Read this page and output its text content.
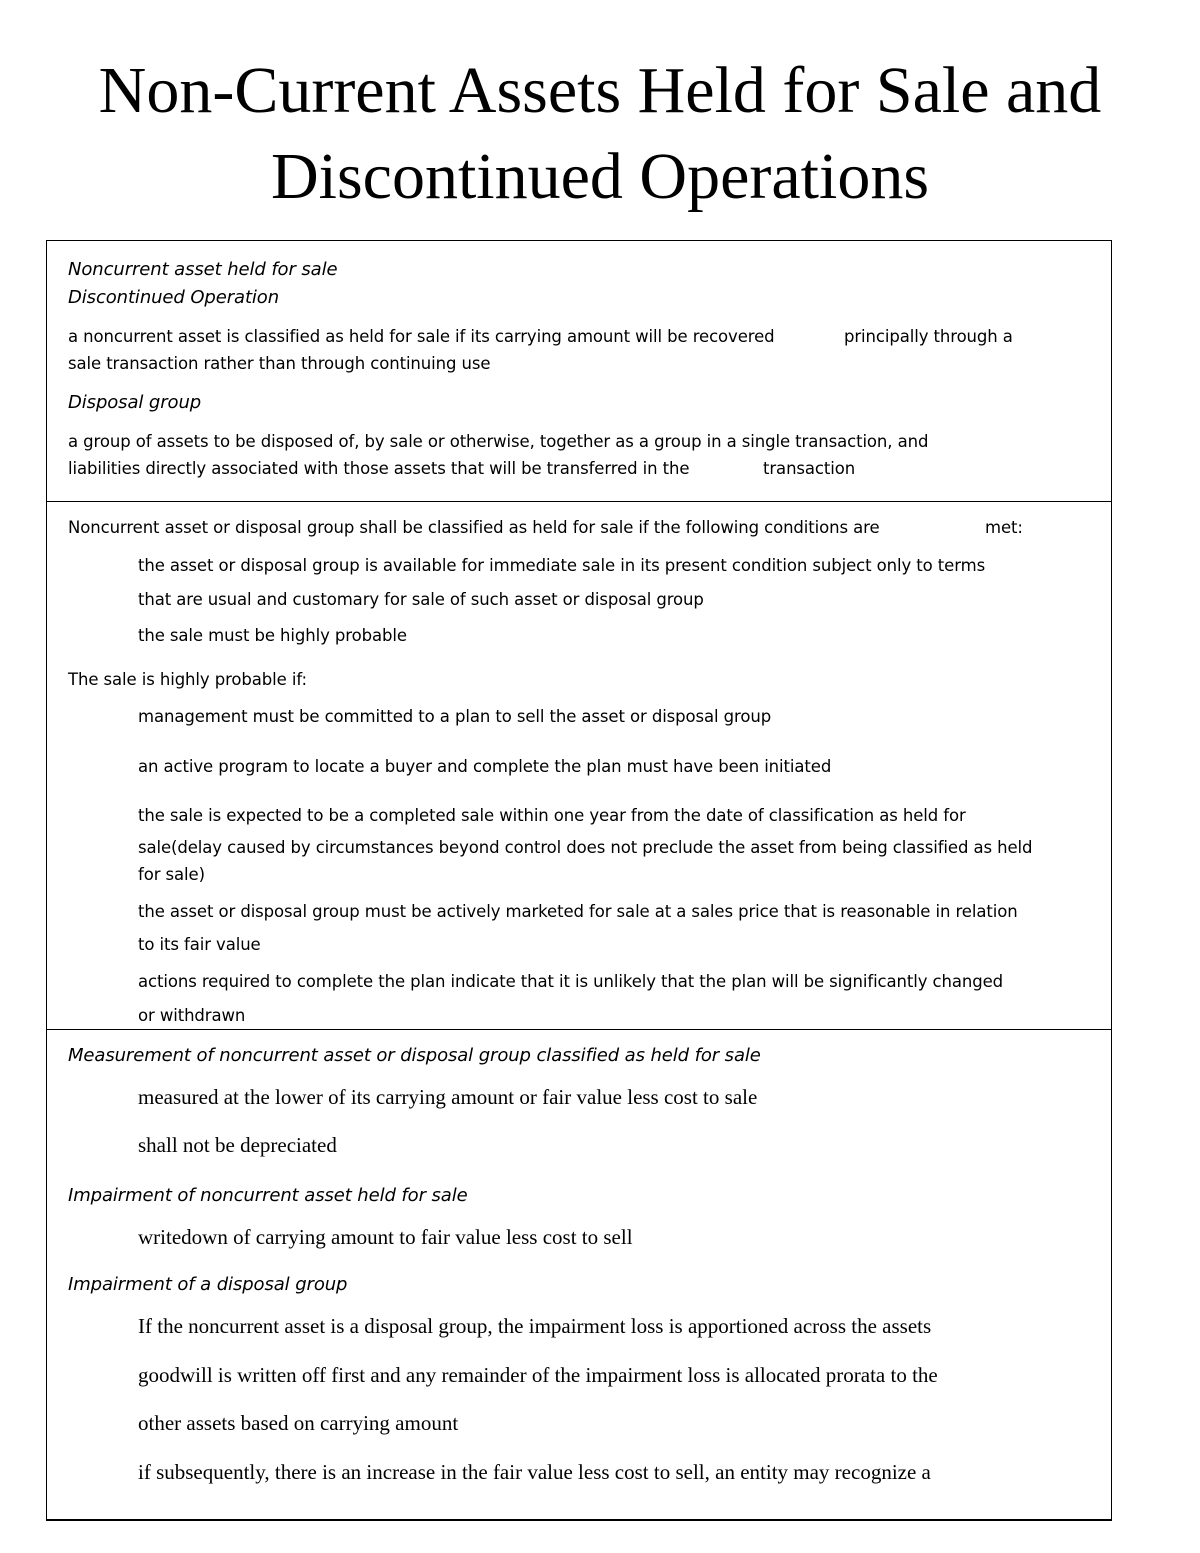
Non-Current Assets Held for Sale and
Discontinued Operations
Noncurrent asset held for sale
Discontinued Operation
a noncurrent asset is classified as held for sale if its carrying amount will be recovered	principally through a
sale transaction rather than through continuing use
Disposal group
a group of assets to be disposed of, by sale or otherwise, together as a group in a single transaction, and
liabilities directly associated with those assets that will be transferred in the	transaction
Noncurrent asset or disposal group shall be classified as held for sale if the following conditions are	met:
the asset or disposal group is available for immediate sale in its present condition subject only to terms
that are usual and customary for sale of such asset or disposal group
the sale must be highly probable
The sale is highly probable if:
management must be committed to a plan to sell the asset or disposal group
an active program to locate a buyer and complete the plan must have been initiated
the sale is expected to be a completed sale within one year from the date of classification as held for
sale(delay caused by circumstances beyond control does not preclude the asset from being classified as held
for sale)
the asset or disposal group must be actively marketed for sale at a sales price that is reasonable in relation
to its fair value
actions required to complete the plan indicate that it is unlikely that the plan will be significantly changed
or withdrawn
Measurement of noncurrent asset or disposal group classified as held for sale
measured at the lower of its carrying amount or fair value less cost to sale
shall not be depreciated
Impairment of noncurrent asset held for sale
writedown of carrying amount to fair value less cost to sell
Impairment of a disposal group
If the noncurrent asset is a disposal group, the impairment loss is apportioned across the assets
goodwill is written off first and any remainder of the impairment loss is allocated prorata to the
other assets based on carrying amount
if subsequently, there is an increase in the fair value less cost to sell, an entity may recognize a
